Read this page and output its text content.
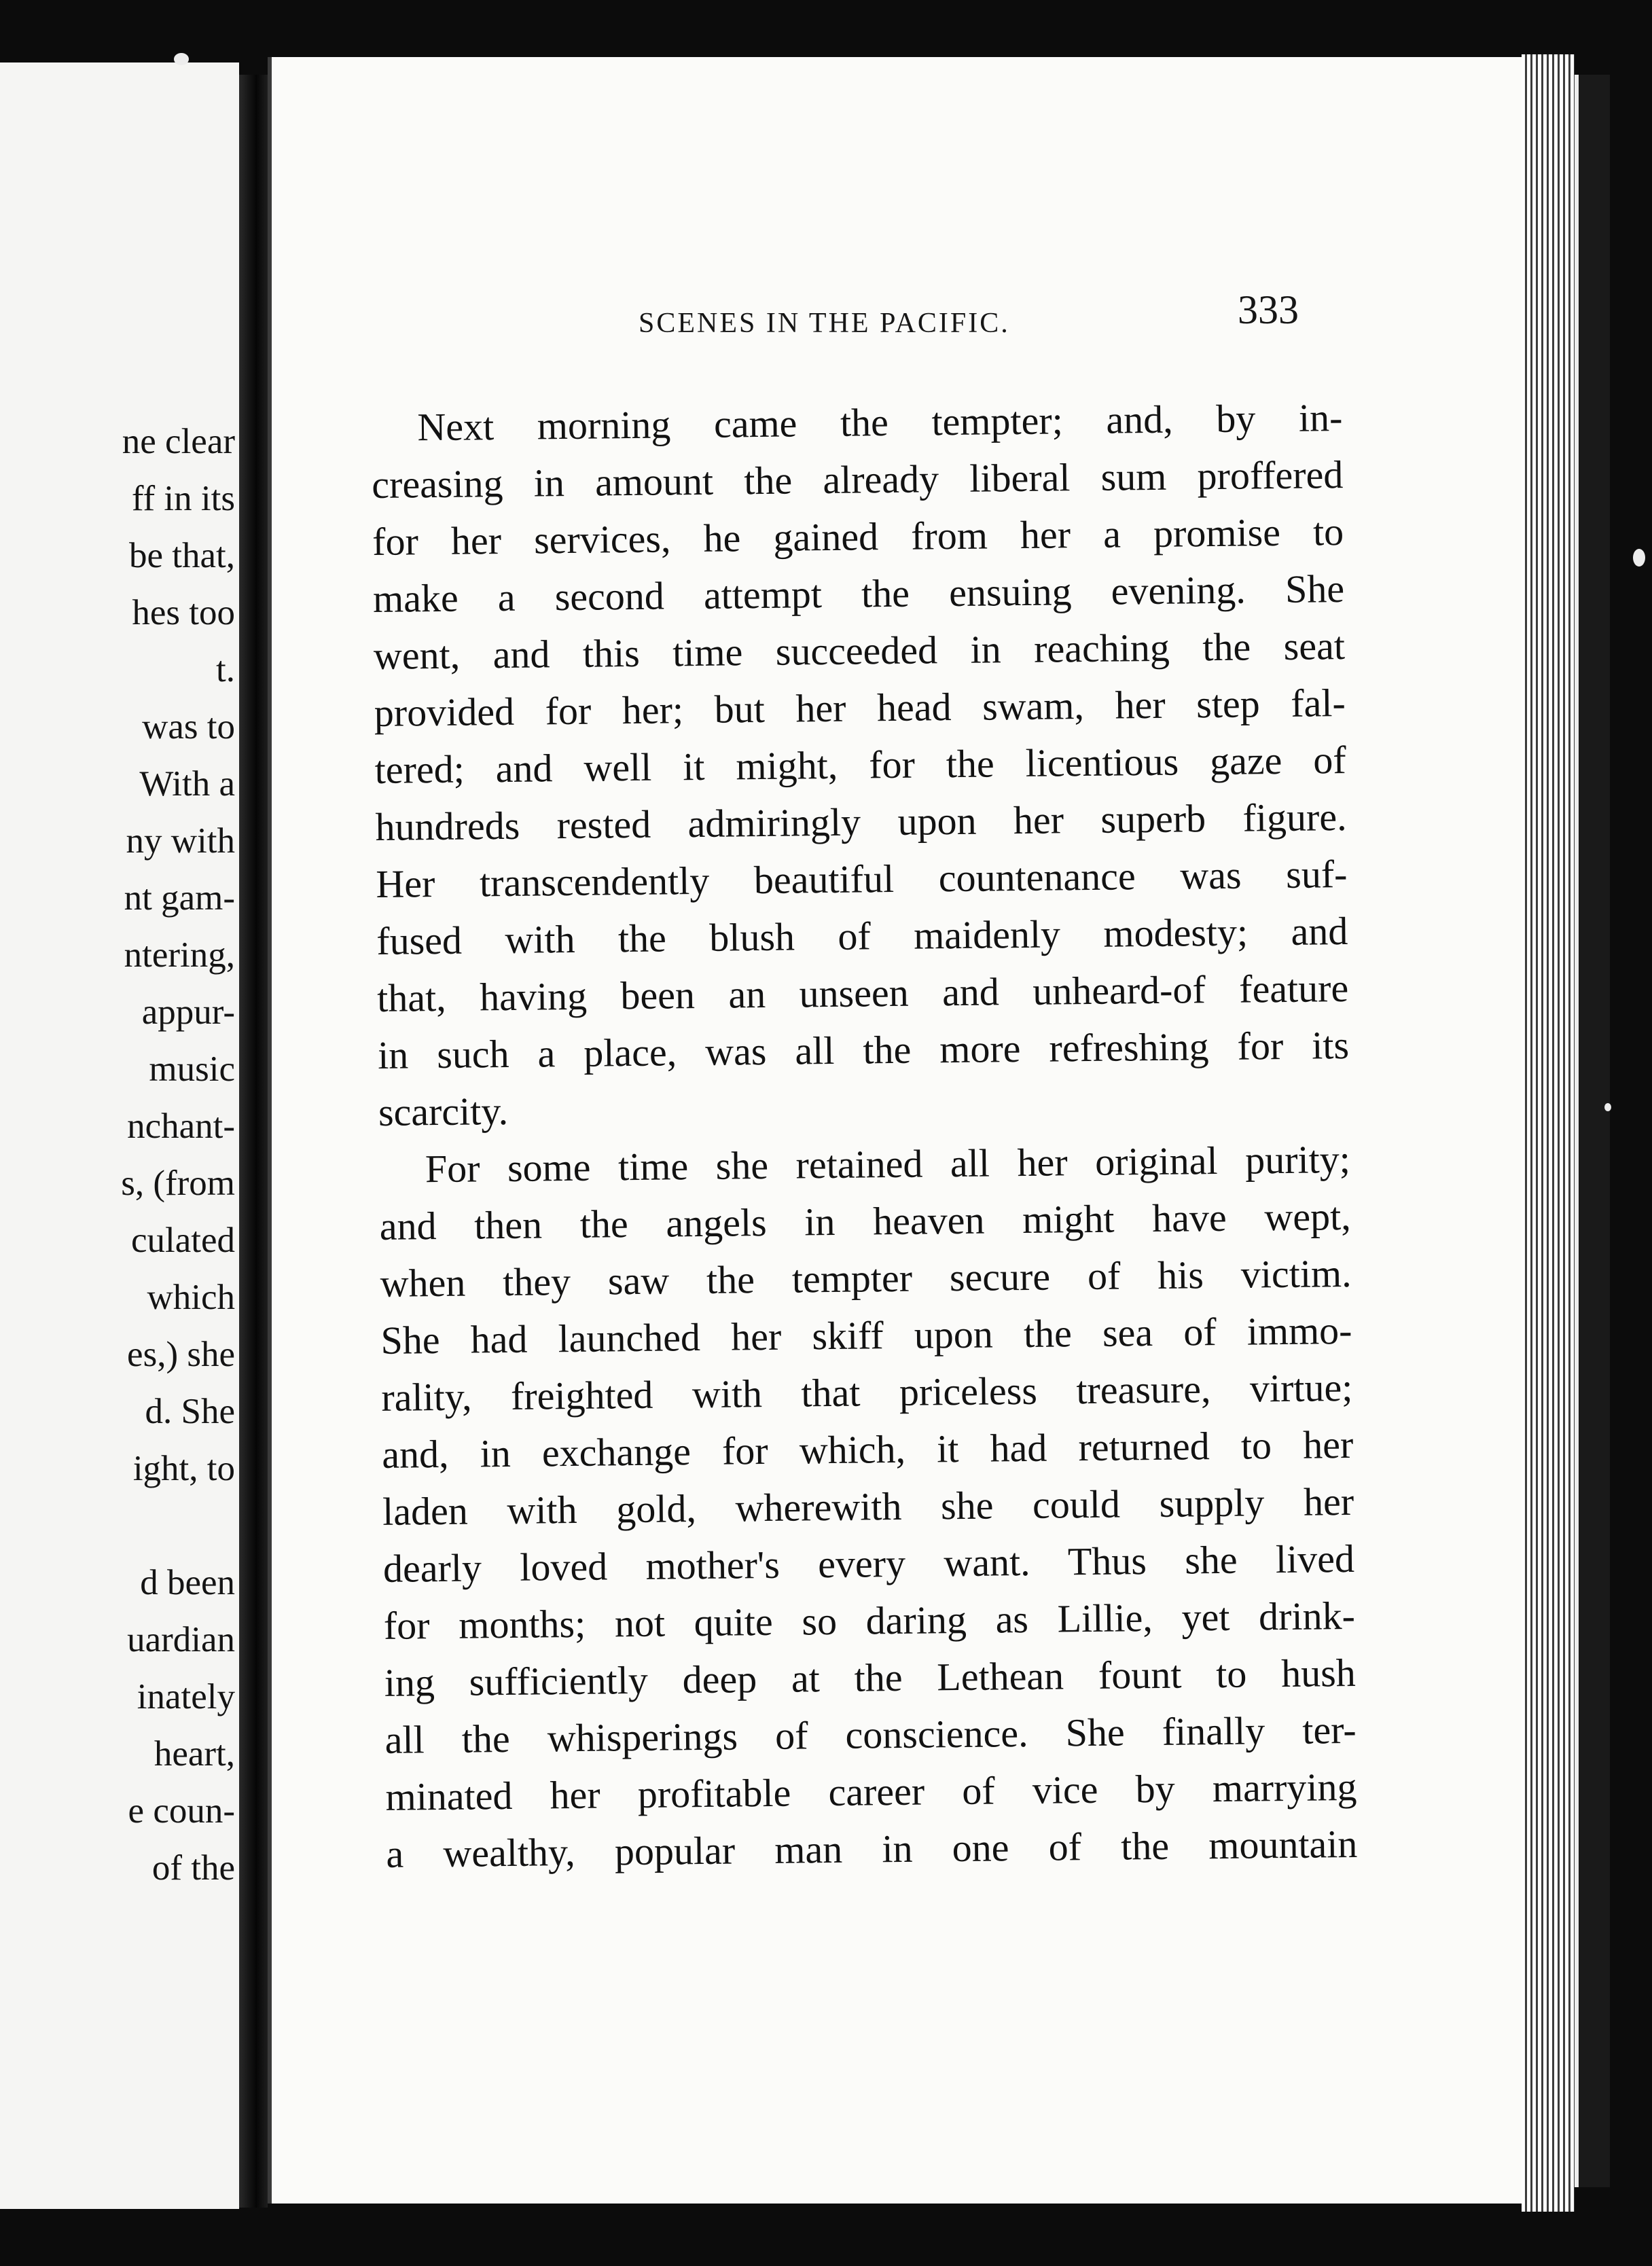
ne clear
ff in its
be that,
hes too
t.
was to
With a
ny with
nt gam-
ntering,
appur-
music
nchant-
s, (from
culated
which
es,) she
d. She
ight, to
d been
uardian
inately
heart,
e coun-
of the
SCENES IN THE PACIFIC.	333
Next morning came the tempter; and, by in-
creasing in amount the already liberal sum proffered
for her services, he gained from her a promise to
make a second attempt the ensuing evening. She
went, and this time succeeded in reaching the seat
provided for her; but her head swam, her step fal-
tered; and well it might, for the licentious gaze of
hundreds rested admiringly upon her superb figure.
Her transcendently beautiful countenance was suf-
fused with the blush of maidenly modesty; and
that, having been an unseen and unheard-of feature
in such a place, was all the more refreshing for its
scarcity.
For some time she retained all her original purity;
and then the angels in heaven might have wept,
when they saw the tempter secure of his victim.
She had launched her skiff upon the sea of immo-
rality, freighted with that priceless treasure, virtue;
and, in exchange for which, it had returned to her
laden with gold, wherewith she could supply her
dearly loved mother's every want. Thus she lived
for months; not quite so daring as Lillie, yet drink-
ing sufficiently deep at the Lethean fount to hush
all the whisperings of conscience. She finally ter-
minated her profitable career of vice by marrying
a wealthy, popular man in one of the mountain
